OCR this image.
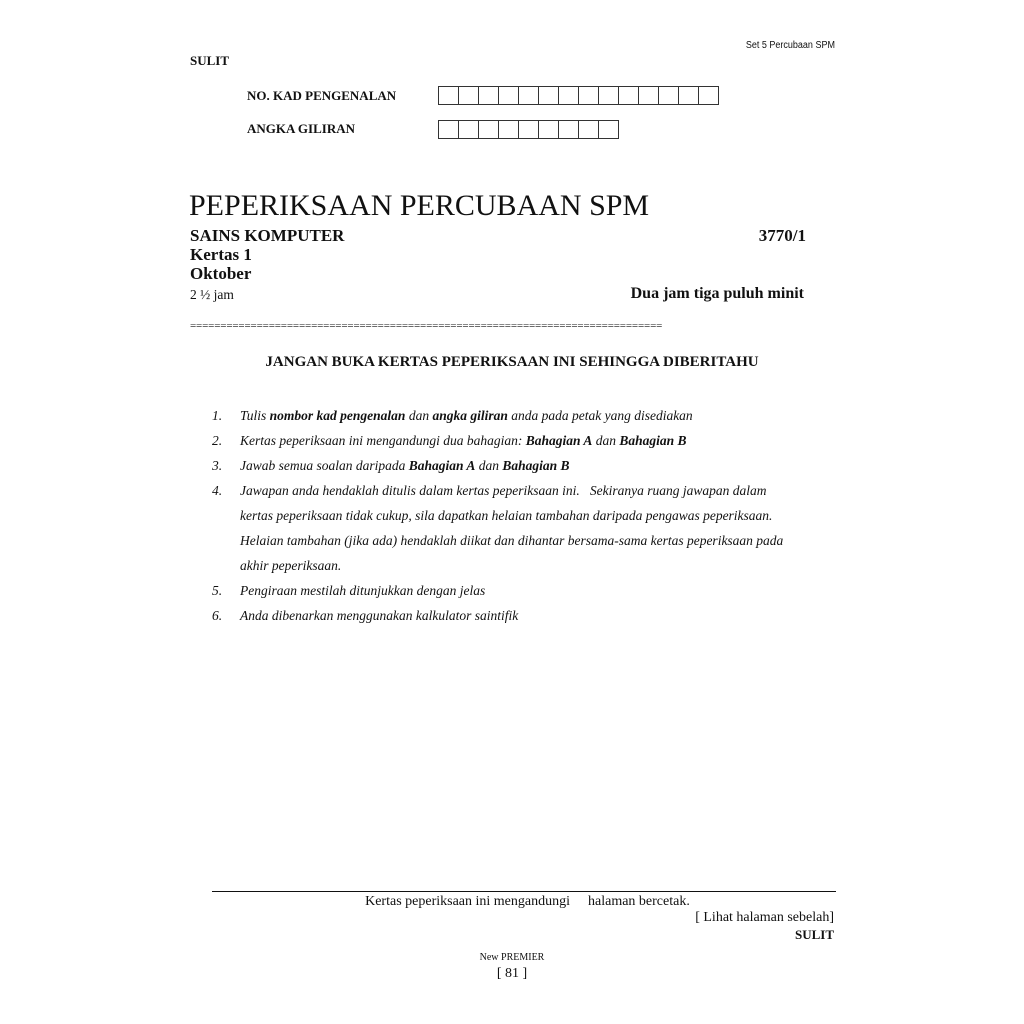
Set 5 Percubaan SPM
SULIT
NO. KAD PENGENALAN
ANGKA GILIRAN
PEPERIKSAAN PERCUBAAN SPM
SAINS KOMPUTER	3770/1
Kertas 1
Oktober
2 ½ jam	Dua jam tiga puluh minit
==============================================================================
JANGAN BUKA KERTAS PEPERIKSAAN INI SEHINGGA DIBERITAHU
1.	Tulis nombor kad pengenalan dan angka giliran anda pada petak yang disediakan
2.	Kertas peperiksaan ini mengandungi dua bahagian: Bahagian A dan Bahagian B
3.	Jawab semua soalan daripada Bahagian A dan Bahagian B
4.	Jawapan anda hendaklah ditulis dalam kertas peperiksaan ini.   Sekiranya ruang jawapan dalam
kertas peperiksaan tidak cukup, sila dapatkan helaian tambahan daripada pengawas peperiksaan.
Helaian tambahan (jika ada) hendaklah diikat dan dihantar bersama-sama kertas peperiksaan pada
akhir peperiksaan.
5.	Pengiraan mestilah ditunjukkan dengan jelas
6.	Anda dibenarkan menggunakan kalkulator saintifik
Kertas peperiksaan ini mengandungi halaman bercetak.
[ Lihat halaman sebelah]
SULIT
New PREMIER
[ 81 ]
